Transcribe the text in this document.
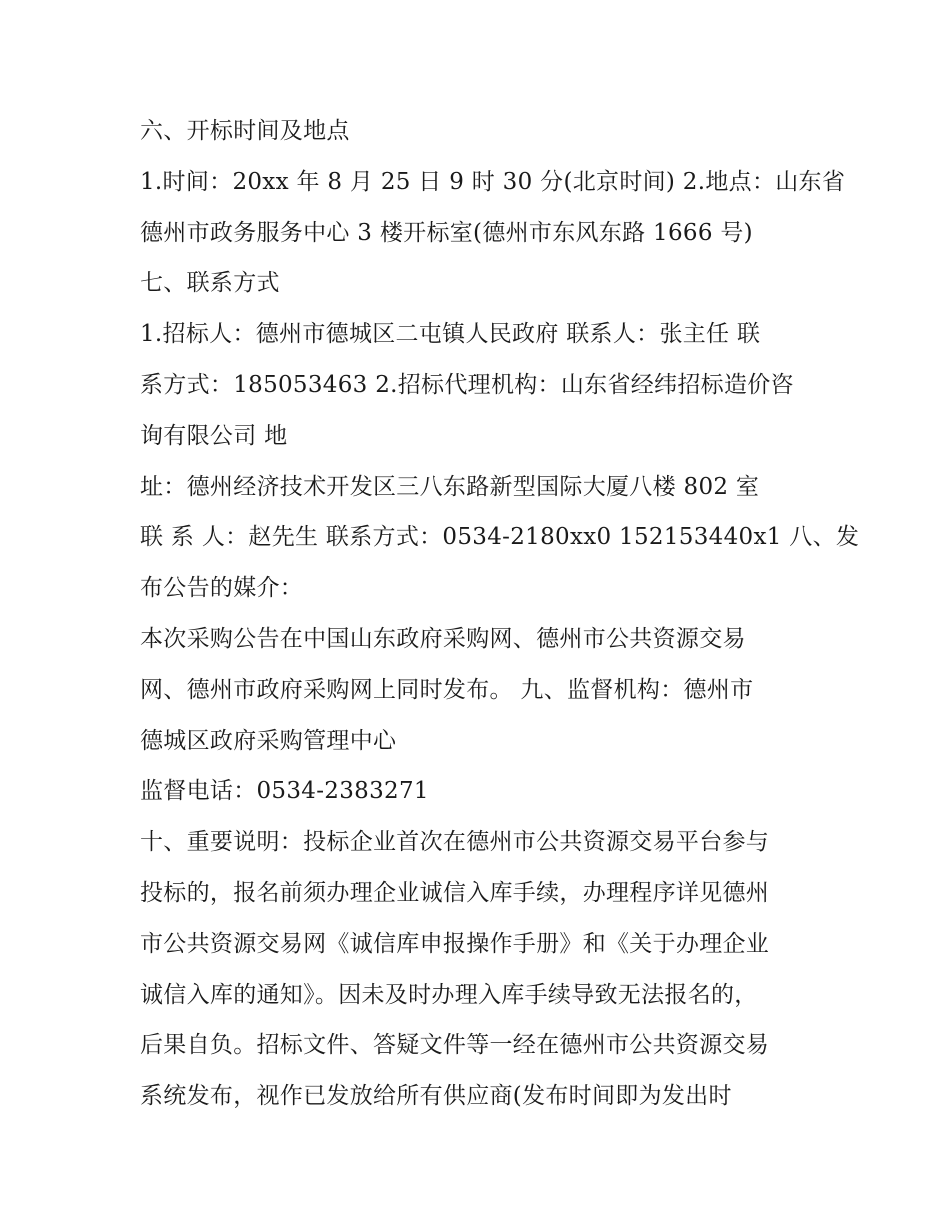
六、开标时间及地点
1.时间：20xx 年 8 月 25 日 9 时 30 分(北京时间) 2.地点：山东省
德州市政务服务中心 3 楼开标室(德州市东风东路 1666 号)
七、联系方式
1.招标人：德州市德城区二屯镇人民政府 联系人：张主任 联
系方式：185053463 2.招标代理机构：山东省经纬招标造价咨
询有限公司 地
址：德州经济技术开发区三八东路新型国际大厦八楼 802 室
联 系 人：赵先生 联系方式：0534-2180xx0 152153440x1 八、发
布公告的媒介：
本次采购公告在中国山东政府采购网、德州市公共资源交易
网、德州市政府采购网上同时发布。 九、监督机构：德州市
德城区政府采购管理中心
监督电话：0534-2383271
十、重要说明：投标企业首次在德州市公共资源交易平台参与
投标的，报名前须办理企业诚信入库手续，办理程序详见德州
市公共资源交易网《诚信库申报操作手册》和《关于办理企业
诚信入库的通知》。因未及时办理入库手续导致无法报名的，
后果自负。招标文件、答疑文件等一经在德州市公共资源交易
系统发布，视作已发放给所有供应商(发布时间即为发出时
